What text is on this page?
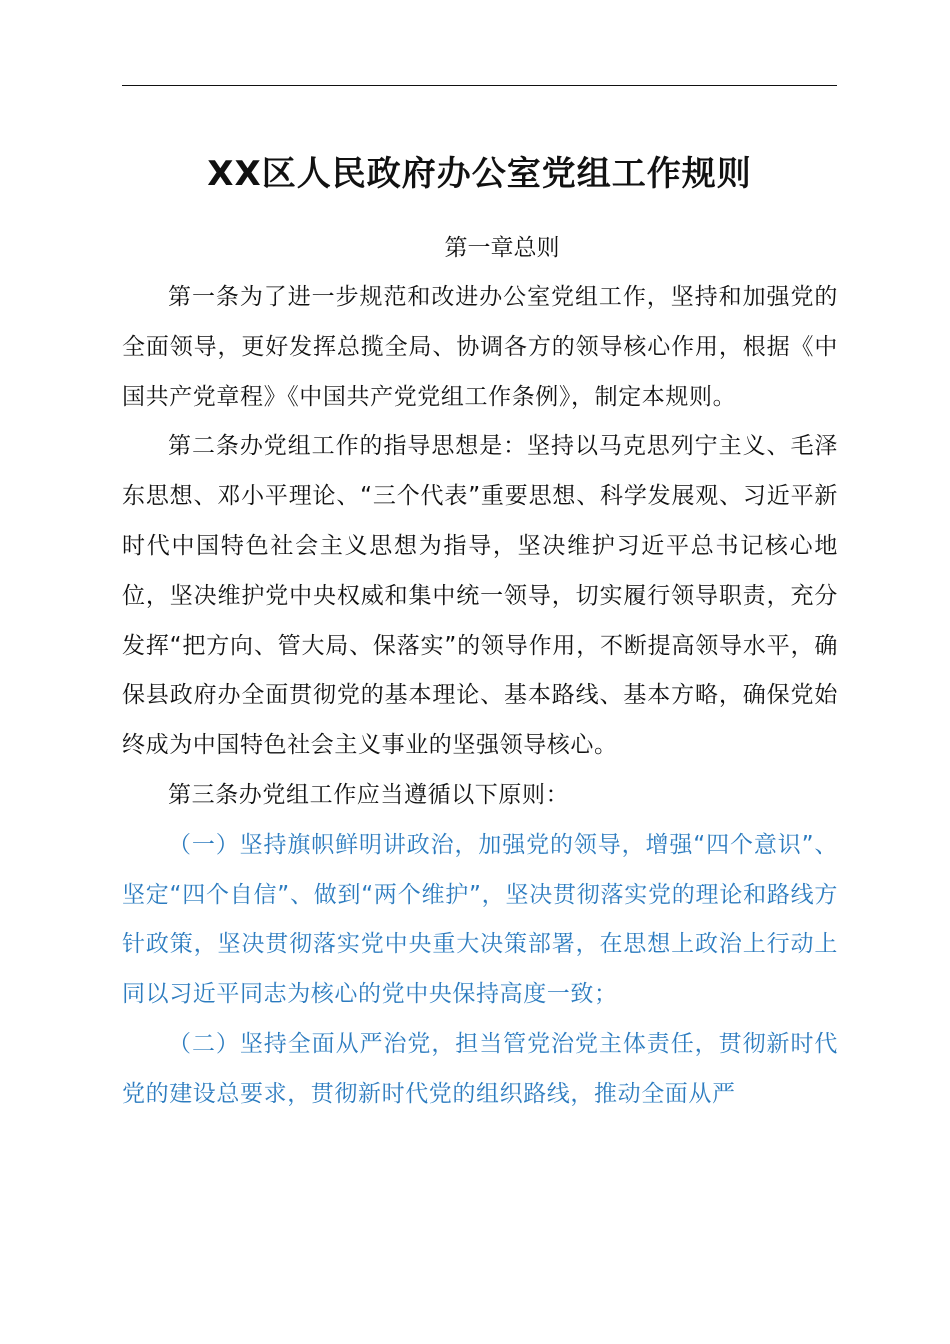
XX区人民政府办公室党组工作规则
第一章总则

第一条为了进一步规范和改进办公室党组工作，坚持和加强党的全面领导，更好发挥总揽全局、协调各方的领导核心作用，根据《中国共产党章程》《中国共产党党组工作条例》，制定本规则。

第二条办党组工作的指导思想是：坚持以马克思列宁主义、毛泽东思想、邓小平理论、“三个代表”重要思想、科学发展观、习近平新时代中国特色社会主义思想为指导，坚决维护习近平总书记核心地位，坚决维护党中央权威和集中统一领导，切实履行领导职责，充分发挥“把方向、管大局、保落实”的领导作用，不断提高领导水平，确保县政府办全面贯彻党的基本理论、基本路线、基本方略，确保党始终成为中国特色社会主义事业的坚强领导核心。

第三条办党组工作应当遵循以下原则：

（一）坚持旗帜鲜明讲政治，加强党的领导，增强“四个意识”、坚定“四个自信”、做到“两个维护”，坚决贯彻落实党的理论和路线方针政策，坚决贯彻落实党中央重大决策部署，在思想上政治上行动上同以习近平同志为核心的党中央保持高度一致；

（二）坚持全面从严治党，担当管党治党主体责任，贯彻新时代党的建设总要求，贯彻新时代党的组织路线，推动全面从严
